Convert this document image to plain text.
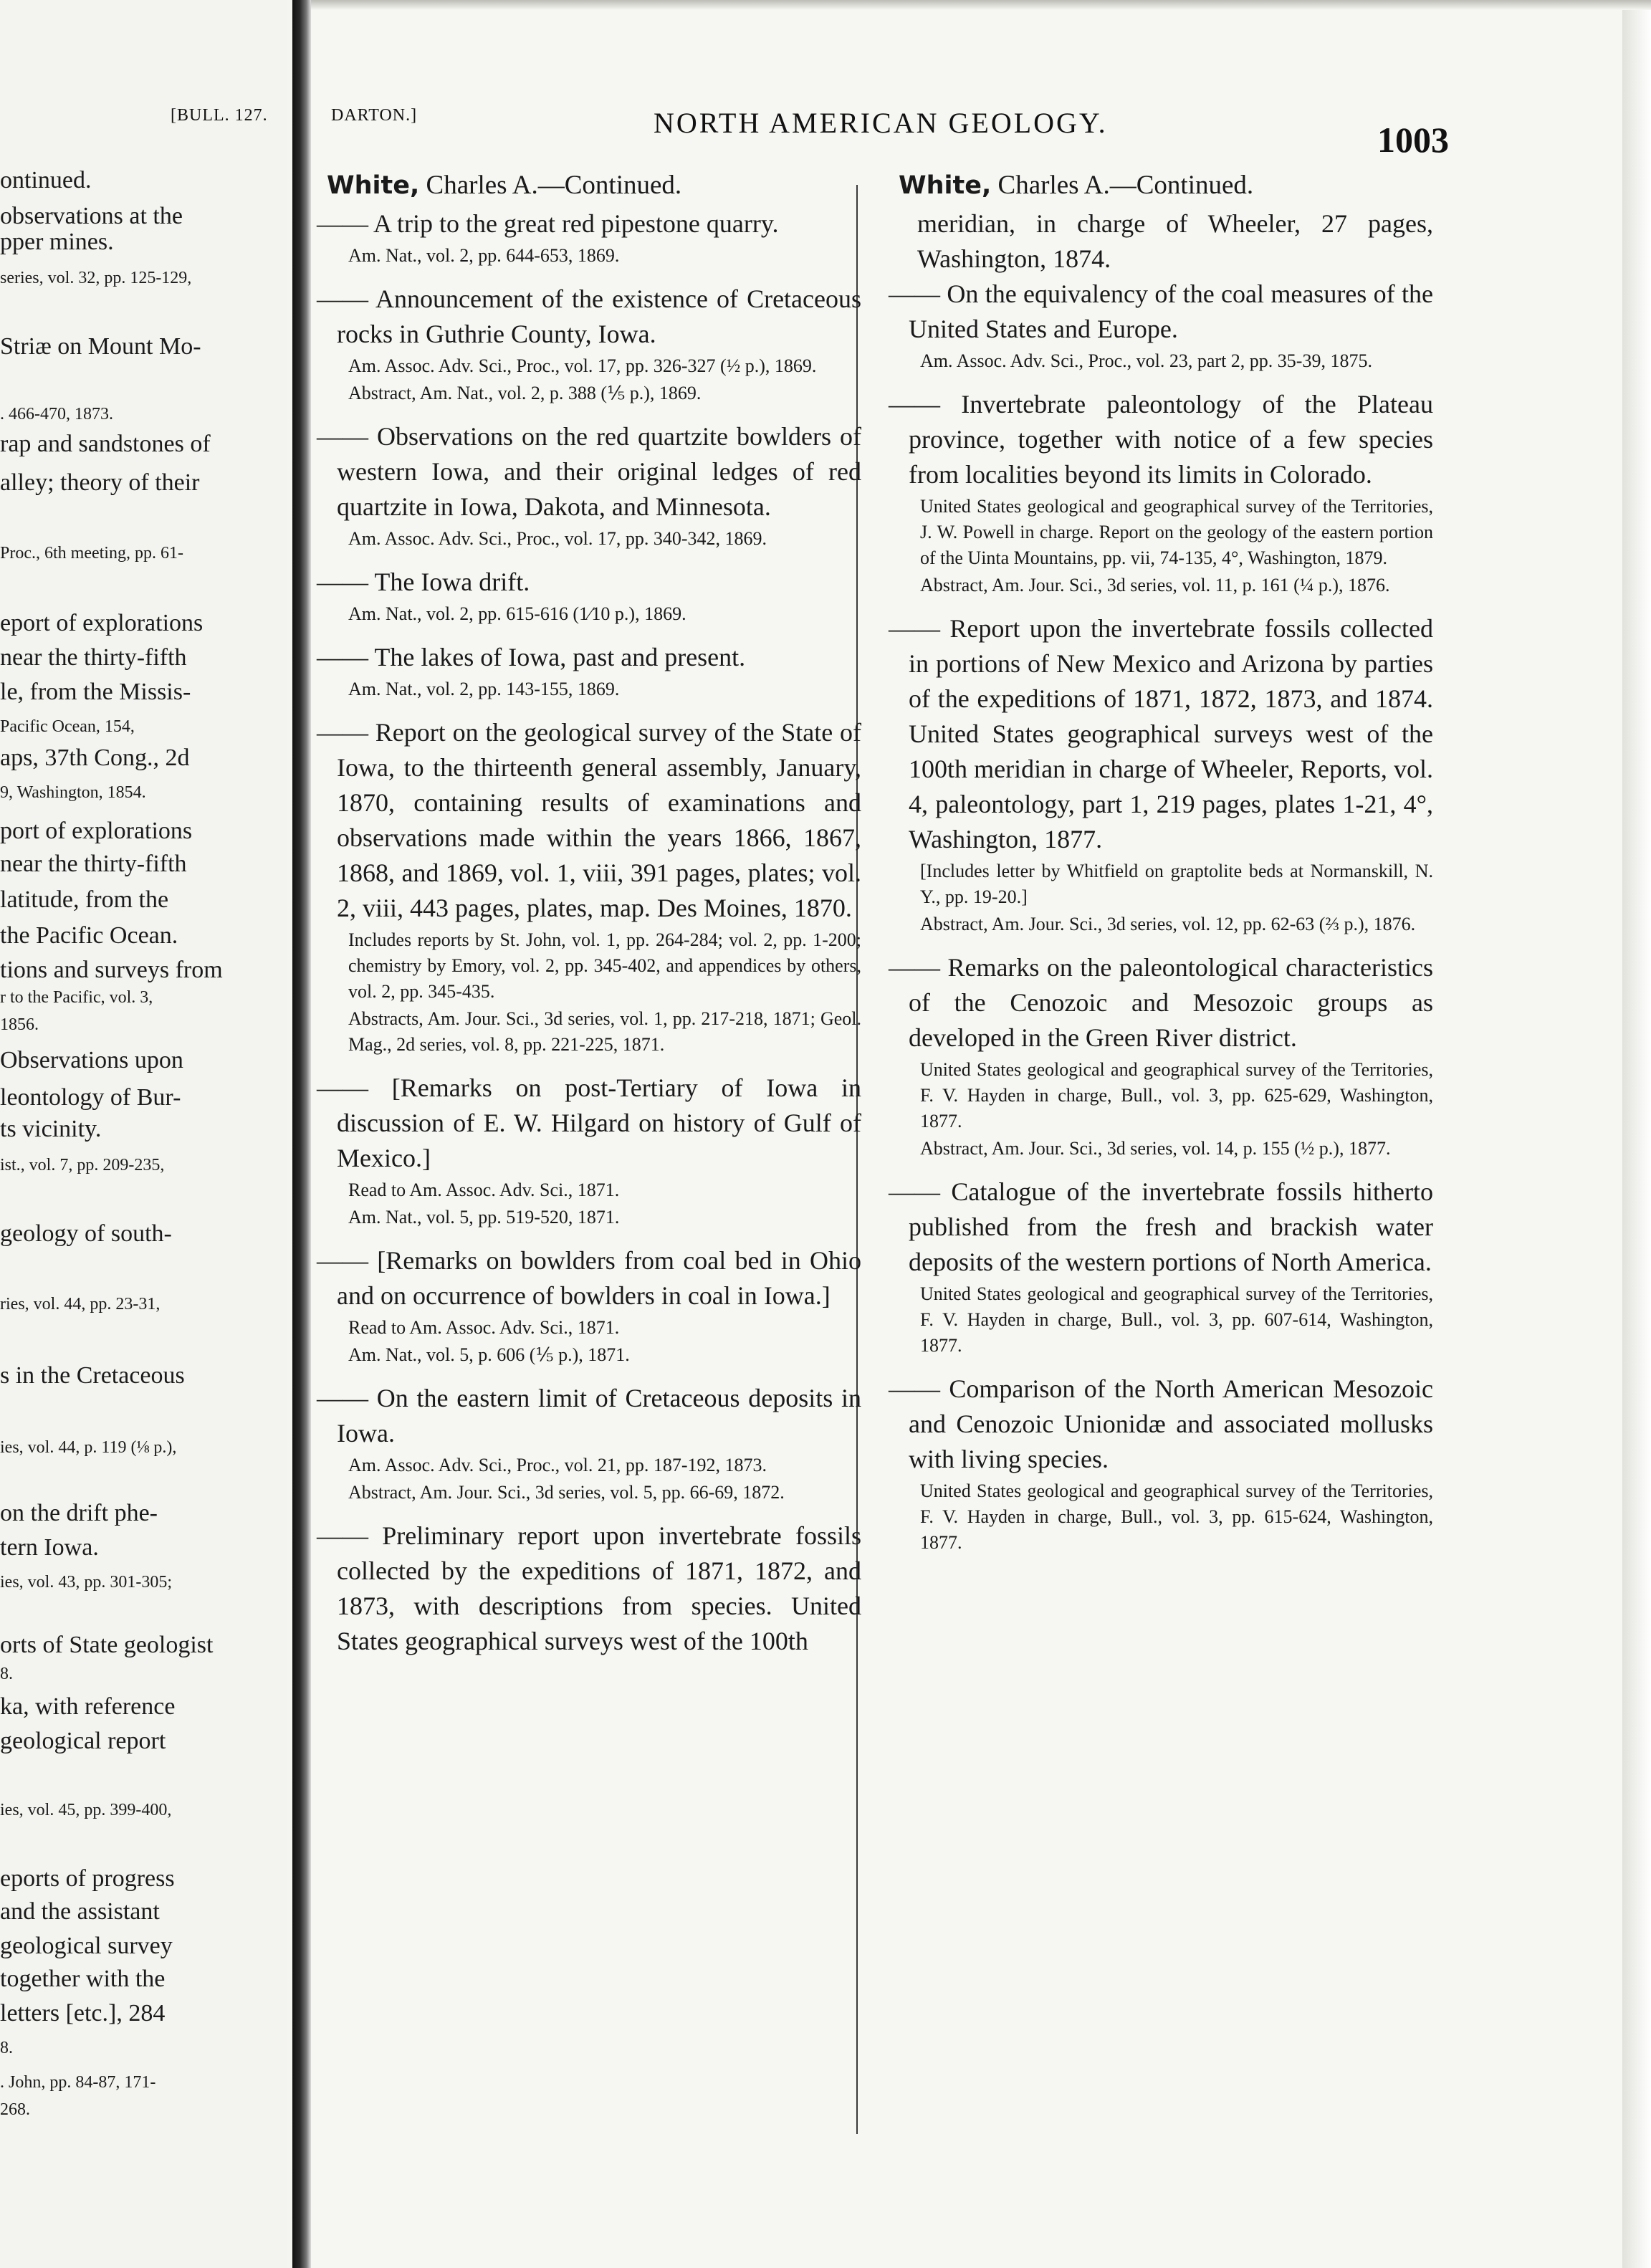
ontinued.
observations at the
pper mines.
series, vol. 32, pp. 125-129,
Striæ on Mount Mo-
. 466-470, 1873.
rap and sandstones of
alley; theory of their
Proc., 6th meeting, pp. 61-
eport of explorations
near the thirty-fifth
le, from the Missis-
Pacific Ocean, 154,
aps, 37th Cong., 2d
9, Washington, 1854.
port of explorations
near the thirty-fifth
latitude, from the
the Pacific Ocean.
tions and surveys from
r to the Pacific, vol. 3,
1856.
Observations upon
leontology of Bur-
ts vicinity.
ist., vol. 7, pp. 209-235,
geology of south-
ries, vol. 44, pp. 23-31,
s in the Cretaceous
ies, vol. 44, p. 119 (⅛ p.),
on the drift phe-
tern Iowa.
ies, vol. 43, pp. 301-305;
orts of State geologist
8.
ka, with reference
geological report
ies, vol. 45, pp. 399-400,
eports of progress
and the assistant
geological survey
together with the
letters [etc.], 284
8.
. John, pp. 84-87, 171-
268.
[BULL. 127.	DARTON.]	NORTH AMERICAN GEOLOGY.	1003

White, Charles A.—Continued.

—— A trip to the great red pipestone quarry.

Am. Nat., vol. 2, pp. 644-653, 1869.

—— Announcement of the existence of Cretaceous rocks in Guthrie County, Iowa.

Am. Assoc. Adv. Sci., Proc., vol. 17, pp. 326-327 (½ p.), 1869.

Abstract, Am. Nat., vol. 2, p. 388 (⅕ p.), 1869.

—— Observations on the red quartzite bowlders of western Iowa, and their original ledges of red quartzite in Iowa, Dakota, and Minnesota.

Am. Assoc. Adv. Sci., Proc., vol. 17, pp. 340-342, 1869.

—— The Iowa drift.

Am. Nat., vol. 2, pp. 615-616 (1⁄10 p.), 1869.

—— The lakes of Iowa, past and present.

Am. Nat., vol. 2, pp. 143-155, 1869.

—— Report on the geological survey of the State of Iowa, to the thirteenth general assembly, January, 1870, containing results of examinations and observations made within the years 1866, 1867, 1868, and 1869, vol. 1, viii, 391 pages, plates; vol. 2, viii, 443 pages, plates, map. Des Moines, 1870.

Includes reports by St. John, vol. 1, pp. 264-284; vol. 2, pp. 1-200; chemistry by Emory, vol. 2, pp. 345-402, and appendices by others, vol. 2, pp. 345-435.

Abstracts, Am. Jour. Sci., 3d series, vol. 1, pp. 217-218, 1871; Geol. Mag., 2d series, vol. 8, pp. 221-225, 1871.

—— [Remarks on post-Tertiary of Iowa in discussion of E. W. Hilgard on history of Gulf of Mexico.]

Read to Am. Assoc. Adv. Sci., 1871.

Am. Nat., vol. 5, pp. 519-520, 1871.

—— [Remarks on bowlders from coal bed in Ohio and on occurrence of bowlders in coal in Iowa.]

Read to Am. Assoc. Adv. Sci., 1871.

Am. Nat., vol. 5, p. 606 (⅕ p.), 1871.

—— On the eastern limit of Cretaceous deposits in Iowa.

Am. Assoc. Adv. Sci., Proc., vol. 21, pp. 187-192, 1873.

Abstract, Am. Jour. Sci., 3d series, vol. 5, pp. 66-69, 1872.

—— Preliminary report upon invertebrate fossils collected by the expeditions of 1871, 1872, and 1873, with descriptions from species. United States geographical surveys west of the 100th

White, Charles A.—Continued.

meridian, in charge of Wheeler, 27 pages, Washington, 1874.

—— On the equivalency of the coal measures of the United States and Europe.

Am. Assoc. Adv. Sci., Proc., vol. 23, part 2, pp. 35-39, 1875.

—— Invertebrate paleontology of the Plateau province, together with notice of a few species from localities beyond its limits in Colorado.

United States geological and geographical survey of the Territories, J. W. Powell in charge. Report on the geology of the eastern portion of the Uinta Mountains, pp. vii, 74-135, 4°, Washington, 1879.

Abstract, Am. Jour. Sci., 3d series, vol. 11, p. 161 (¼ p.), 1876.

—— Report upon the invertebrate fossils collected in portions of New Mexico and Arizona by parties of the expeditions of 1871, 1872, 1873, and 1874. United States geographical surveys west of the 100th meridian in charge of Wheeler, Reports, vol. 4, paleontology, part 1, 219 pages, plates 1-21, 4°, Washington, 1877.

[Includes letter by Whitfield on graptolite beds at Normanskill, N. Y., pp. 19-20.]

Abstract, Am. Jour. Sci., 3d series, vol. 12, pp. 62-63 (⅔ p.), 1876.

—— Remarks on the paleontological characteristics of the Cenozoic and Mesozoic groups as developed in the Green River district.

United States geological and geographical survey of the Territories, F. V. Hayden in charge, Bull., vol. 3, pp. 625-629, Washington, 1877.

Abstract, Am. Jour. Sci., 3d series, vol. 14, p. 155 (½ p.), 1877.

—— Catalogue of the invertebrate fossils hitherto published from the fresh and brackish water deposits of the western portions of North America.

United States geological and geographical survey of the Territories, F. V. Hayden in charge, Bull., vol. 3, pp. 607-614, Washington, 1877.

—— Comparison of the North American Mesozoic and Cenozoic Unionidæ and associated mollusks with living species.

United States geological and geographical survey of the Territories, F. V. Hayden in charge, Bull., vol. 3, pp. 615-624, Washington, 1877.
